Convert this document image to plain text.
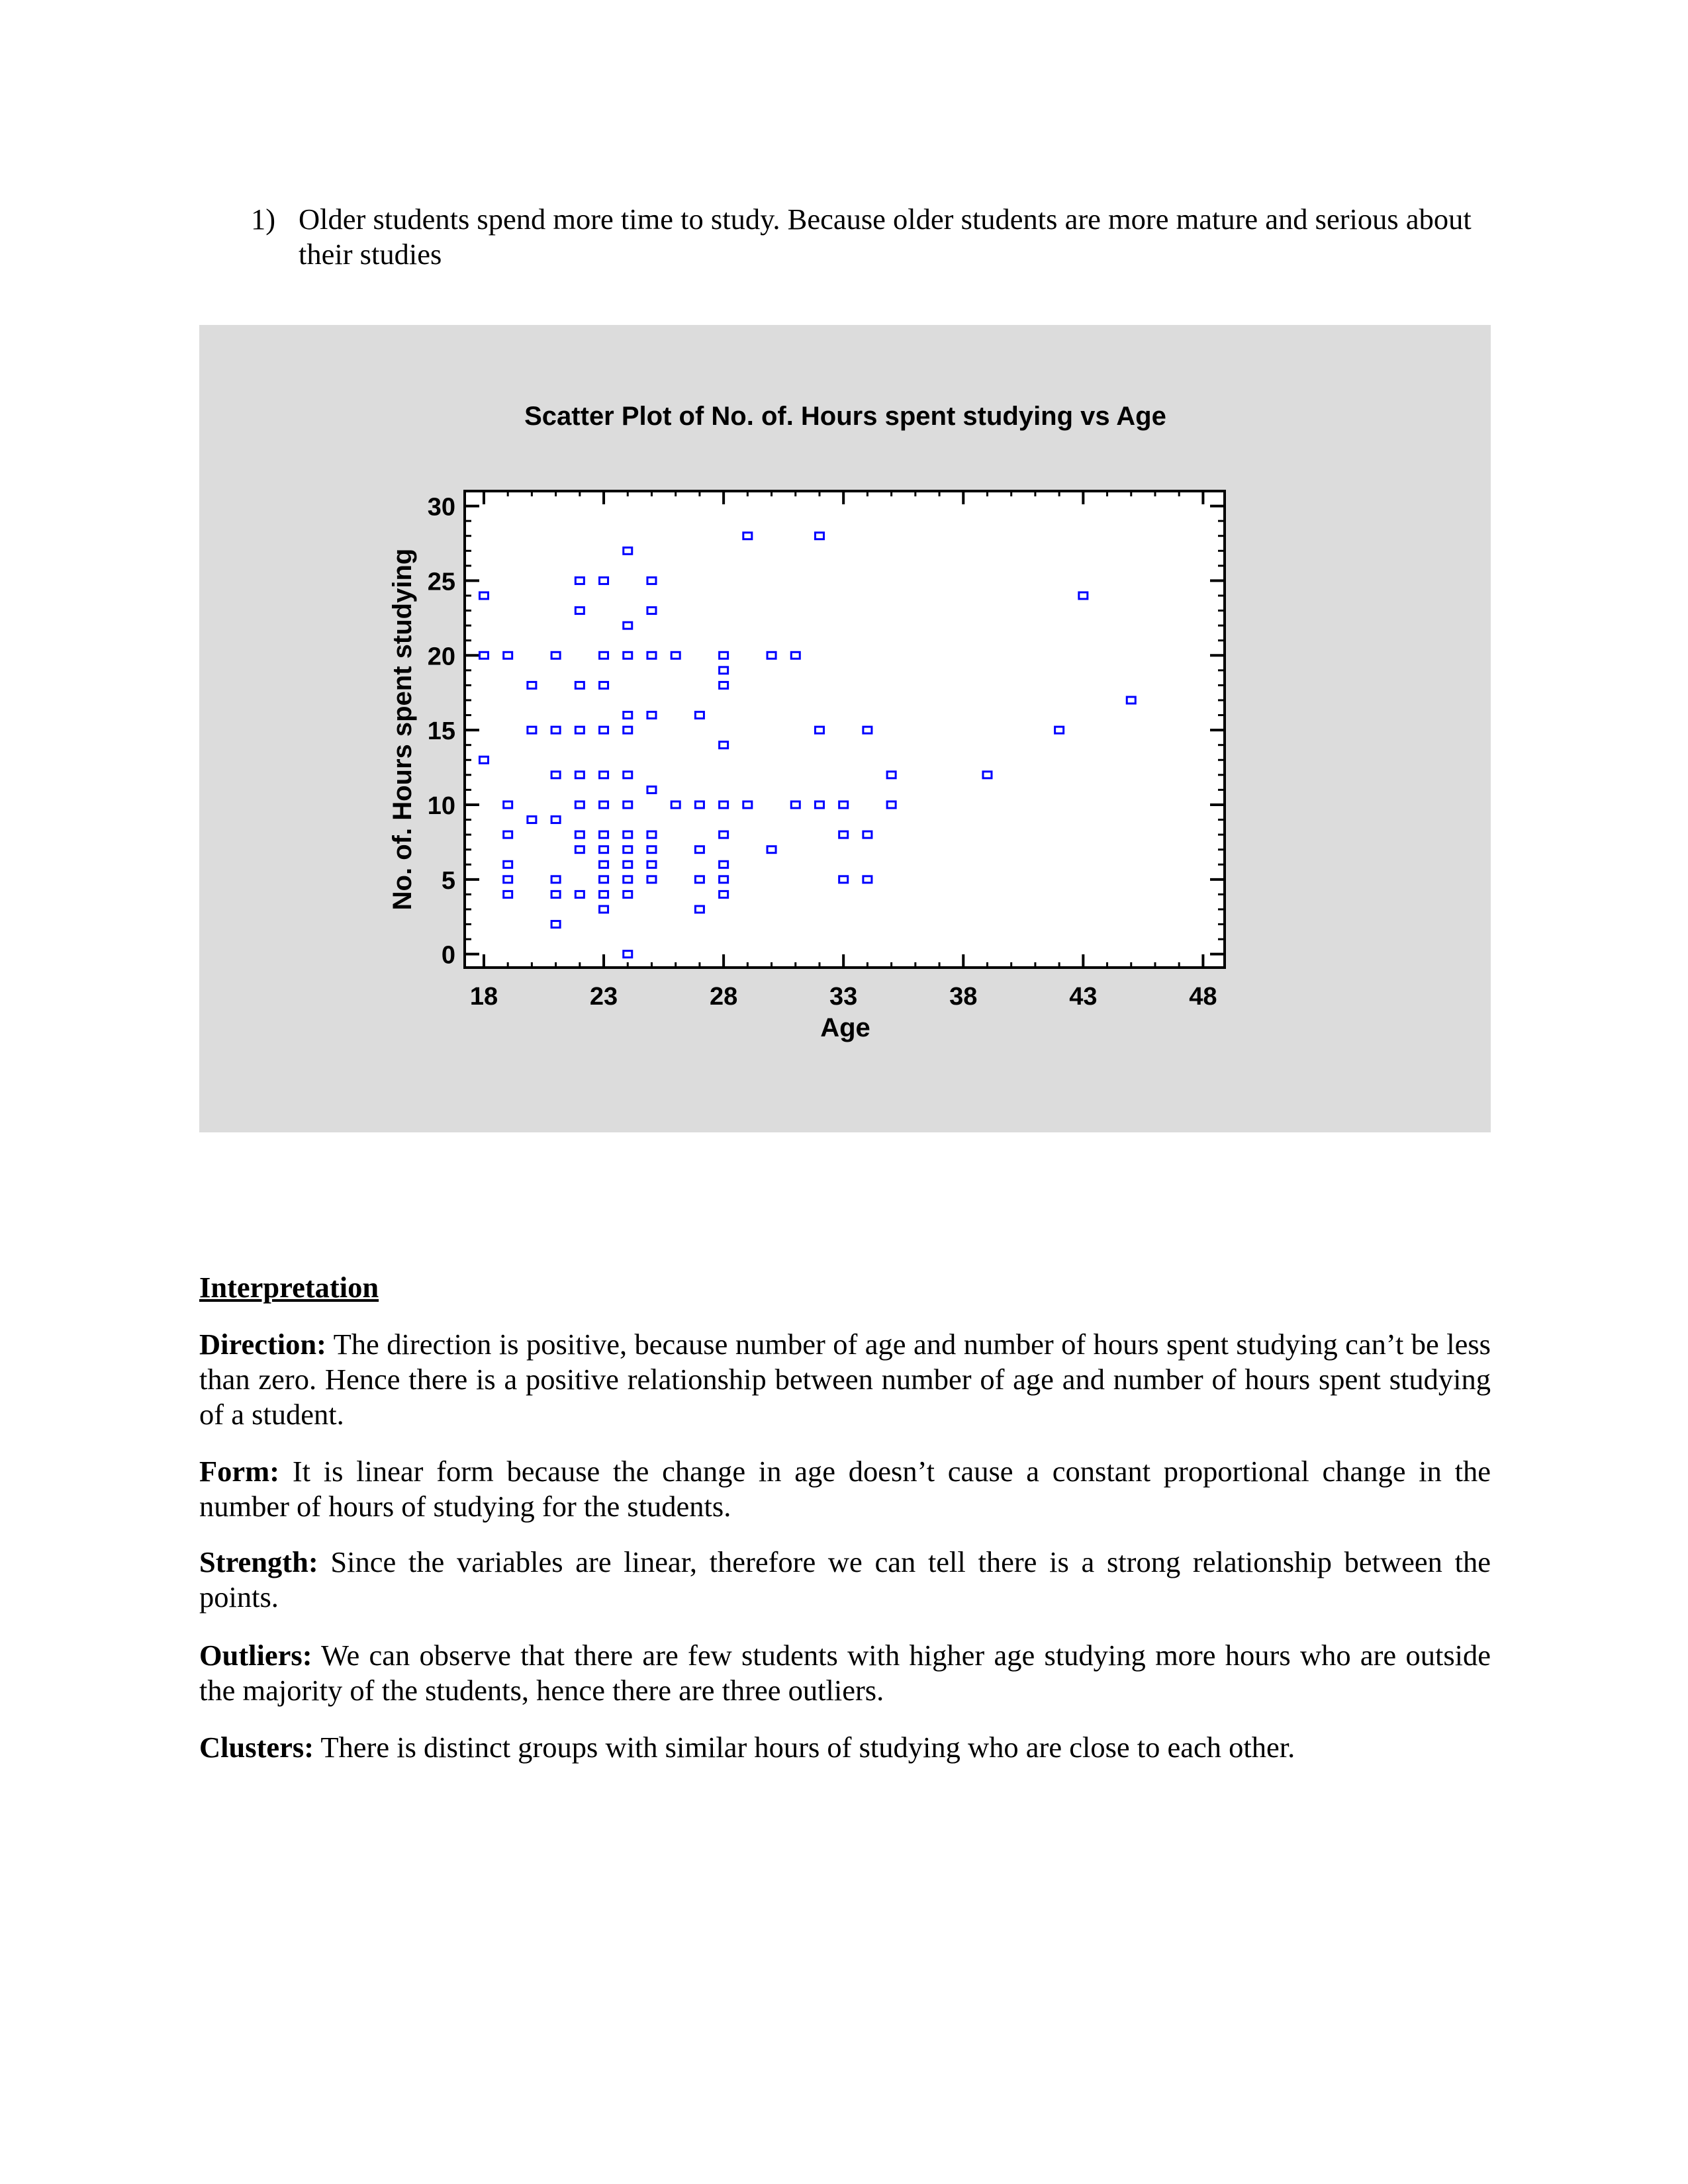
1) Older students spend more time to study. Because older students are more mature and serious about their studies
Scatter Plot of No. of. Hours spent studying vs Age
18	23	28	33	38	43	48
0
5
10
15
20
25
30
Age
No. of. Hours spent studying
Interpretation
Direction: The direction is positive, because number of age and number of hours spent studying can’t be less than zero. Hence there is a positive relationship between number of age and number of hours spent studying of a student.
Form: It is linear form because the change in age doesn’t cause a constant proportional change in the number of hours of studying for the students.
Strength: Since the variables are linear, therefore we can tell there is a strong relationship between the points.
Outliers: We can observe that there are few students with higher age studying more hours who are outside the majority of the students, hence there are three outliers.
Clusters: There is distinct groups with similar hours of studying who are close to each other.
